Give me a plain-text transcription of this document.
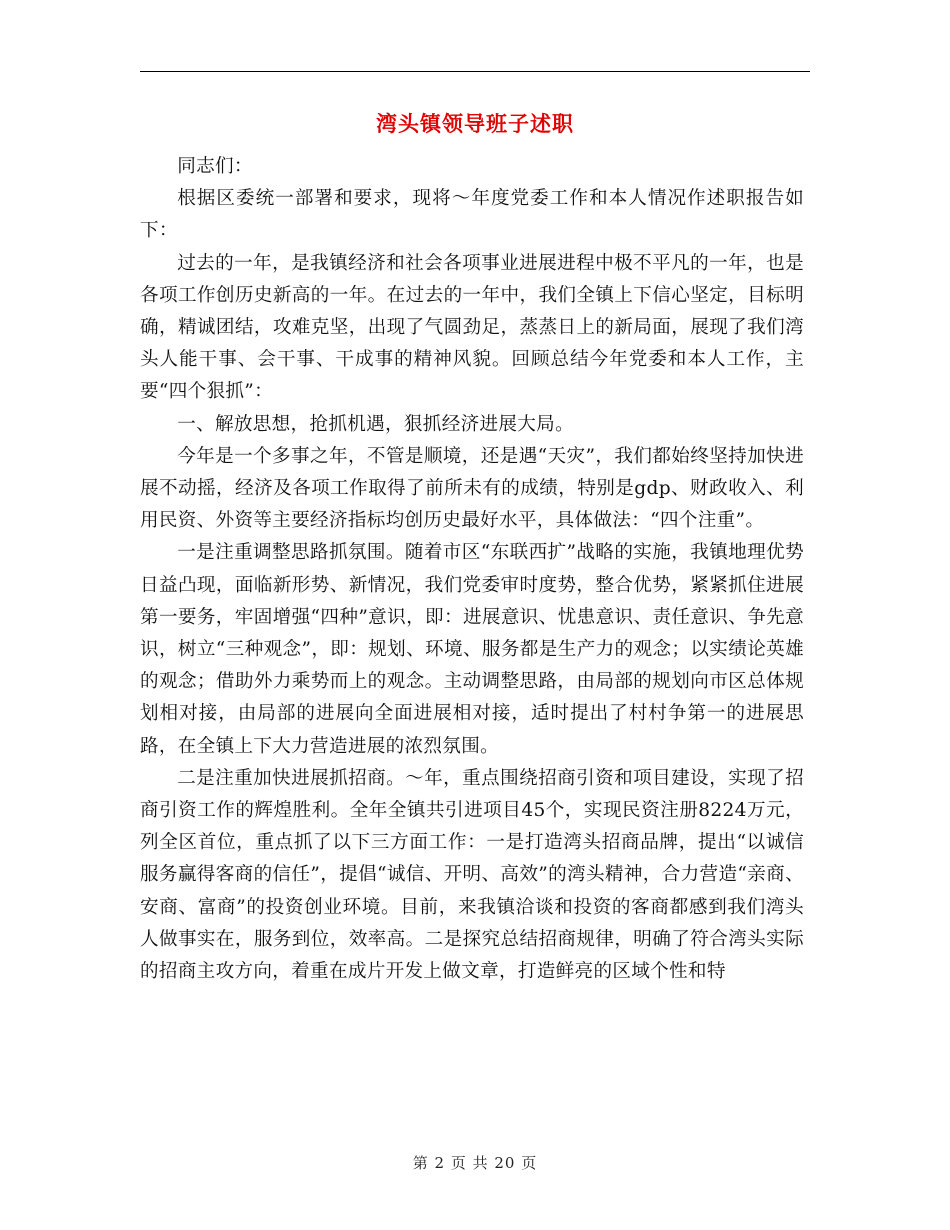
湾头镇领导班子述职

同志们：

根据区委统一部署和要求，现将～年度党委工作和本人情况作述职报告如下：

过去的一年，是我镇经济和社会各项事业进展进程中极不平凡的一年，也是各项工作创历史新高的一年。在过去的一年中，我们全镇上下信心坚定，目标明确，精诚团结，攻难克坚，出现了气圆劲足，蒸蒸日上的新局面，展现了我们湾头人能干事、会干事、干成事的精神风貌。回顾总结今年党委和本人工作，主要“四个狠抓”：

一、解放思想，抢抓机遇，狠抓经济进展大局。

今年是一个多事之年，不管是顺境，还是遇“天灾”，我们都始终坚持加快进展不动摇，经济及各项工作取得了前所未有的成绩，特别是gdp、财政收入、利用民资、外资等主要经济指标均创历史最好水平，具体做法：“四个注重”。

一是注重调整思路抓氛围。随着市区“东联西扩”战略的实施，我镇地理优势日益凸现，面临新形势、新情况，我们党委审时度势，整合优势，紧紧抓住进展第一要务，牢固增强“四种”意识，即：进展意识、忧患意识、责任意识、争先意识，树立“三种观念”，即：规划、环境、服务都是生产力的观念；以实绩论英雄的观念；借助外力乘势而上的观念。主动调整思路，由局部的规划向市区总体规划相对接，由局部的进展向全面进展相对接，适时提出了村村争第一的进展思路，在全镇上下大力营造进展的浓烈氛围。

二是注重加快进展抓招商。～年，重点围绕招商引资和项目建设，实现了招商引资工作的辉煌胜利。全年全镇共引进项目45个，实现民资注册8224万元，列全区首位，重点抓了以下三方面工作：一是打造湾头招商品牌，提出“以诚信服务赢得客商的信任”，提倡“诚信、开明、高效”的湾头精神，合力营造“亲商、安商、富商”的投资创业环境。目前，来我镇洽谈和投资的客商都感到我们湾头人做事实在，服务到位，效率高。二是探究总结招商规律，明确了符合湾头实际的招商主攻方向，着重在成片开发上做文章，打造鲜亮的区域个性和特

第 2 页 共 20 页
